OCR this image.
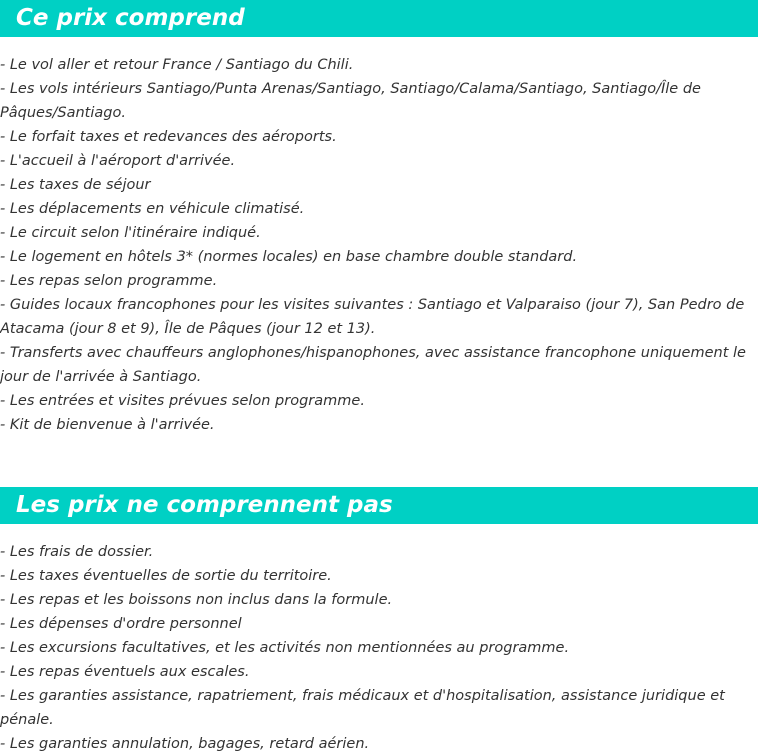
Ce prix comprend
- Le vol aller et retour France / Santiago du Chili.
- Les vols intérieurs Santiago/Punta Arenas/Santiago, Santiago/Calama/Santiago, Santiago/Île de Pâques/Santiago.
- Le forfait taxes et redevances des aéroports.
- L'accueil à l'aéroport d'arrivée.
- Les taxes de séjour
- Les déplacements en véhicule climatisé.
- Le circuit selon l'itinéraire indiqué.
- Le logement en hôtels 3* (normes locales) en base chambre double standard.
- Les repas selon programme.
- Guides locaux francophones pour les visites suivantes : Santiago et Valparaiso (jour 7), San Pedro de Atacama (jour 8 et 9), Île de Pâques (jour 12 et 13).
- Transferts avec chauffeurs anglophones/hispanophones, avec assistance francophone uniquement le jour de l'arrivée à Santiago.
- Les entrées et visites prévues selon programme.
- Kit de bienvenue à l'arrivée.
Les prix ne comprennent pas
- Les frais de dossier.
- Les taxes éventuelles de sortie du territoire.
- Les repas et les boissons non inclus dans la formule.
- Les dépenses d'ordre personnel
- Les excursions facultatives, et les activités non mentionnées au programme.
- Les repas éventuels aux escales.
- Les garanties assistance, rapatriement, frais médicaux et d'hospitalisation, assistance juridique et pénale.
- Les garanties annulation, bagages, retard aérien.
